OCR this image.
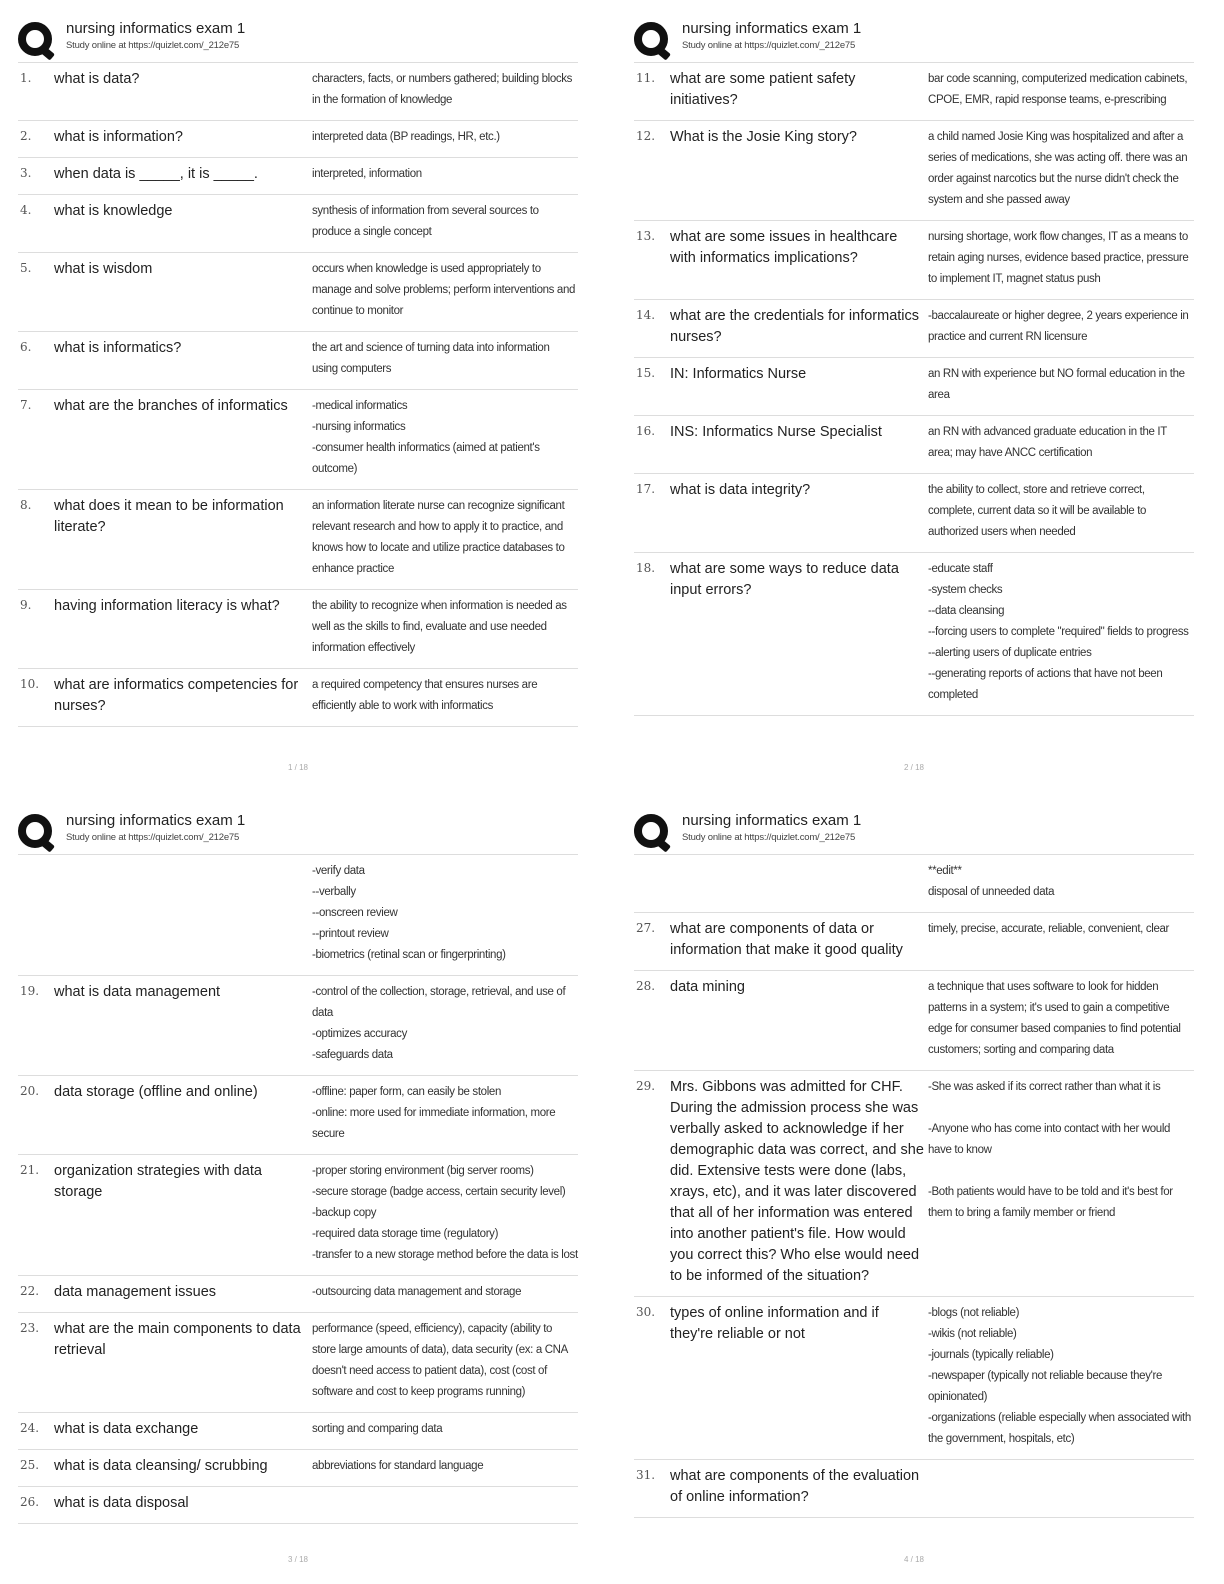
nursing informatics exam 1
Study online at https://quizlet.com/_212e75
1.	what is data?	characters, facts, or numbers gathered; building blocks in the formation of knowledge
2.	what is information?	interpreted data (BP readings, HR, etc.)
3.	when data is _____, it is _____.	interpreted, information
4.	what is knowledge	synthesis of information from several sources to produce a single concept
5.	what is wisdom	occurs when knowledge is used appropriately to manage and solve problems; perform interventions and continue to monitor
6.	what is informatics?	the art and science of turning data into information using computers
7.	what are the branches of informatics	-medical informatics
-nursing informatics
-consumer health informatics (aimed at patient's outcome)
8.	what does it mean to be information literate?
an information literate nurse can recognize significant relevant research and how to apply it to practice, and knows how to locate and utilize practice databases to enhance practice
9.	having information literacy is what?	the ability to recognize when information is needed as well as the skills to find, evaluate and use needed information effectively
10.	what are informatics competencies for nurses?
a required competency that ensures nurses are efficiently able to work with informatics
1 / 18
nursing informatics exam 1
Study online at https://quizlet.com/_212e75
11.	what are some patient safety initiatives?
bar code scanning, computerized medication cabinets, CPOE, EMR, rapid response teams, e-prescribing
12.	What is the Josie King story?	a child named Josie King was hospitalized and after a series of medications, she was acting off. there was an order against narcotics but the nurse didn't check the system and she passed away
13.	what are some issues in healthcare with informatics implications?
nursing shortage, work flow changes, IT as a means to retain aging nurses, evidence based practice, pressure to implement IT, magnet status push
14.	what are the credentials for informatics nurses?
-baccalaureate or higher degree, 2 years experience in practice and current RN licensure
15.	IN: Informatics Nurse	an RN with experience but NO formal education in the area
16.	INS: Informatics Nurse Specialist	an RN with advanced graduate education in the IT area; may have ANCC certification
17.	what is data integrity?	the ability to collect, store and retrieve correct, complete, current data so it will be available to authorized users when needed
18.	what are some ways to reduce data input errors?
-educate staff
-system checks
--data cleansing
--forcing users to complete "required" fields to progress
--alerting users of duplicate entries
--generating reports of actions that have not been completed
2 / 18
nursing informatics exam 1
Study online at https://quizlet.com/_212e75
-verify data
--verbally
--onscreen review
--printout review
-biometrics (retinal scan or fingerprinting)
19.	what is data management	-control of the collection, storage, retrieval, and use of data
-optimizes accuracy
-safeguards data
20.	data storage (offline and online)	-offline: paper form, can easily be stolen
-online: more used for immediate information, more secure
21.	organization strategies with data storage
-proper storing environment (big server rooms)
-secure storage (badge access, certain security level)
-backup copy
-required data storage time (regulatory)
-transfer to a new storage method before the data is lost
22.	data management issues	-outsourcing data management and storage
23.	what are the main components to data retrieval
performance (speed, efficiency), capacity (ability to store large amounts of data), data security (ex: a CNA doesn't need access to patient data), cost (cost of software and cost to keep programs running)
24.	what is data exchange	sorting and comparing data
25.	what is data cleansing/ scrubbing	abbreviations for standard language
26.	what is data disposal
3 / 18
nursing informatics exam 1
Study online at https://quizlet.com/_212e75
**edit**
disposal of unneeded data
27.	what are components of data or information that make it good quality
timely, precise, accurate, reliable, convenient, clear
28.	data mining	a technique that uses software to look for hidden patterns in a system; it's used to gain a competitive edge for consumer based companies to find potential customers; sorting and comparing data
29.	Mrs. Gibbons was admitted for CHF. During the admission process she was verbally asked to acknowledge if her demographic data was correct, and she did. Extensive tests were done (labs, xrays, etc), and it was later discovered that all of her information was entered into another patient's file. How would you correct this? Who else would need to be informed of the situation?
-She was asked if its correct rather than what it is

-Anyone who has come into contact with her would have to know

-Both patients would have to be told and it's best for them to bring a family member or friend
30.	types of online information and if they're reliable or not
-blogs (not reliable)
-wikis (not reliable)
-journals (typically reliable)
-newspaper (typically not reliable because they're opinionated)
-organizations (reliable especially when associated with the government, hospitals, etc)
31.	what are components of the evaluation of online information?
4 / 18
